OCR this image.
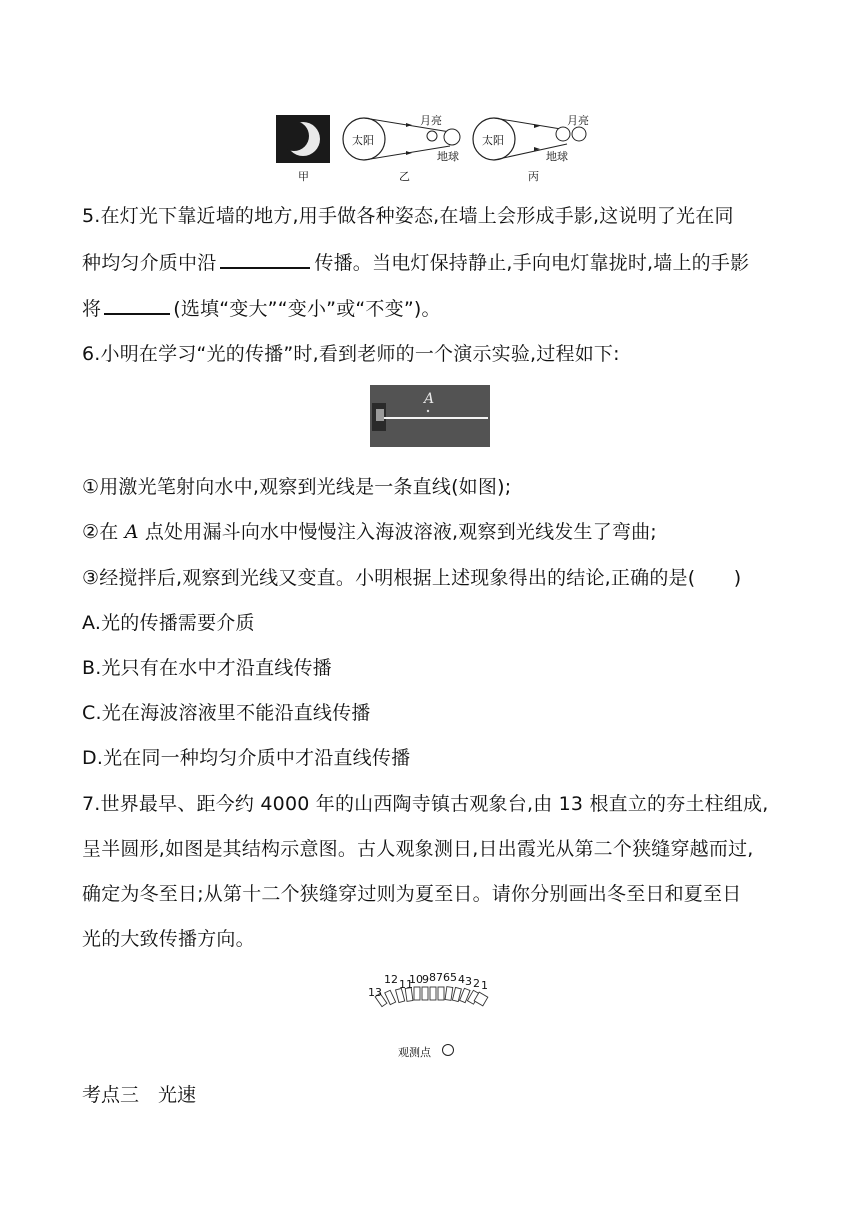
太阳
月亮
地球
太阳
月亮
地球
甲	乙	丙
5.在灯光下靠近墙的地方,用手做各种姿态,在墙上会形成手影,这说明了光在同
种均匀介质中沿	传播。当电灯保持静止,手向电灯靠拢时,墙上的手影
将	(选填“变大”“变小”或“不变”)。
6.小明在学习“光的传播”时,看到老师的一个演示实验,过程如下:
A
①用激光笔射向水中,观察到光线是一条直线(如图);
②在 A 点处用漏斗向水中慢慢注入海波溶液,观察到光线发生了弯曲;
③经搅拌后,观察到光线又变直。小明根据上述现象得出的结论,正确的是(　　)
A.光的传播需要介质
B.光只有在水中才沿直线传播
C.光在海波溶液里不能沿直线传播
D.光在同一种均匀介质中才沿直线传播
7.世界最早、距今约 4000 年的山西陶寺镇古观象台,由 13 根直立的夯土柱组成,
呈半圆形,如图是其结构示意图。古人观象测日,日出霞光从第二个狭缝穿越而过,
确定为冬至日;从第十二个狭缝穿过则为夏至日。请你分别画出冬至日和夏至日
光的大致传播方向。
13
12 11
10 9 8 7 6 5 4 3 2 1
观测点
考点三　光速
